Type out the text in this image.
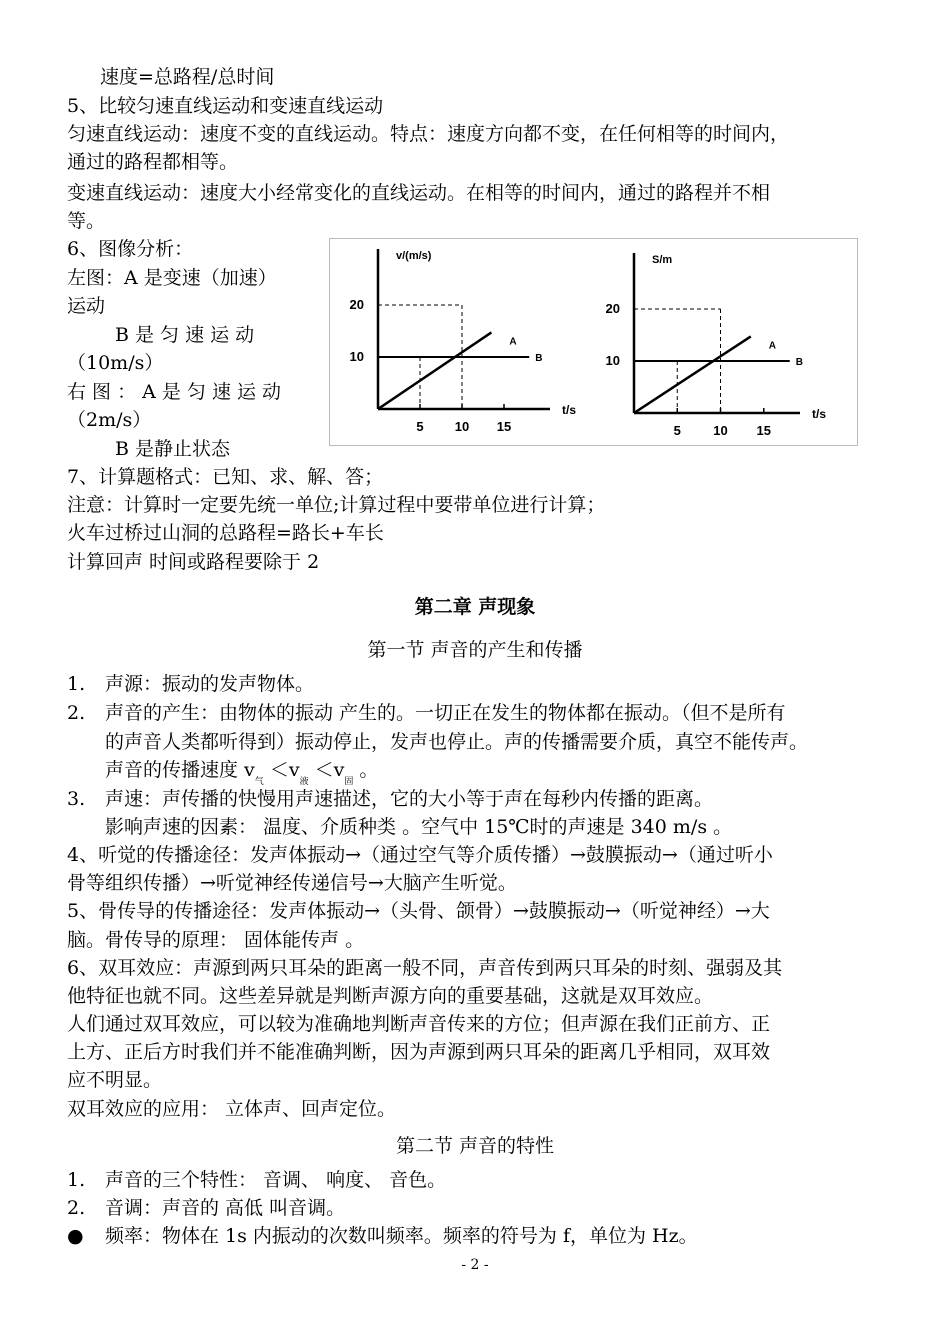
速度=总路程/总时间
5、比较匀速直线运动和变速直线运动
匀速直线运动：速度不变的直线运动。特点：速度方向都不变，在任何相等的时间内，
通过的路程都相等。
变速直线运动：速度大小经常变化的直线运动。在相等的时间内，通过的路程并不相
等。
6、图像分析：
左图：A 是变速（加速）
运动
B 是 匀 速 运 动
（10m/s）
右 图 ： A 是 匀 速 运 动
（2m/s）
B 是静止状态
7、计算题格式：已知、求、解、答；
注意：计算时一定要先统一单位;计算过程中要带单位进行计算；
火车过桥过山洞的总路程=路长+车长
计算回声 时间或路程要除于 2
v/(m/s)
t/s
5 10 15
10
20
A
B
S/m
t/s
5 10 15
10
20
A
B
第二章 声现象
第一节 声音的产生和传播
1. 声源：振动的发声物体。
2. 声音的产生：由物体的振动 产生的。一切正在发生的物体都在振动。（但不是所有
的声音人类都听得到）振动停止，发声也停止。声的传播需要介质，真空不能传声。
声音的传播速度 $v_气 <v_液 <v_固$ 。
3. 声速：声传播的快慢用声速描述，它的大小等于声在每秒内传播的距离。
影响声速的因素： 温度、介质种类 。空气中 15℃时的声速是 340 m/s 。
4、听觉的传播途径：发声体振动→（通过空气等介质传播）→鼓膜振动→（通过听小
骨等组织传播）→听觉神经传递信号→大脑产生听觉。
5、骨传导的传播途径：发声体振动→（头骨、颌骨）→鼓膜振动→（听觉神经）→大
脑。骨传导的原理： 固体能传声 。
6、双耳效应：声源到两只耳朵的距离一般不同，声音传到两只耳朵的时刻、强弱及其
他特征也就不同。这些差异就是判断声源方向的重要基础，这就是双耳效应。
人们通过双耳效应，可以较为准确地判断声音传来的方位；但声源在我们正前方、正
上方、正后方时我们并不能准确判断，因为声源到两只耳朵的距离几乎相同，双耳效
应不明显。
双耳效应的应用： 立体声、回声定位。
第二节 声音的特性
1. 声音的三个特性： 音调、 响度、 音色。
2. 音调：声音的 高低 叫音调。
● 频率：物体在 1s 内振动的次数叫频率。频率的符号为 f，单位为 Hz。
- 2 -
